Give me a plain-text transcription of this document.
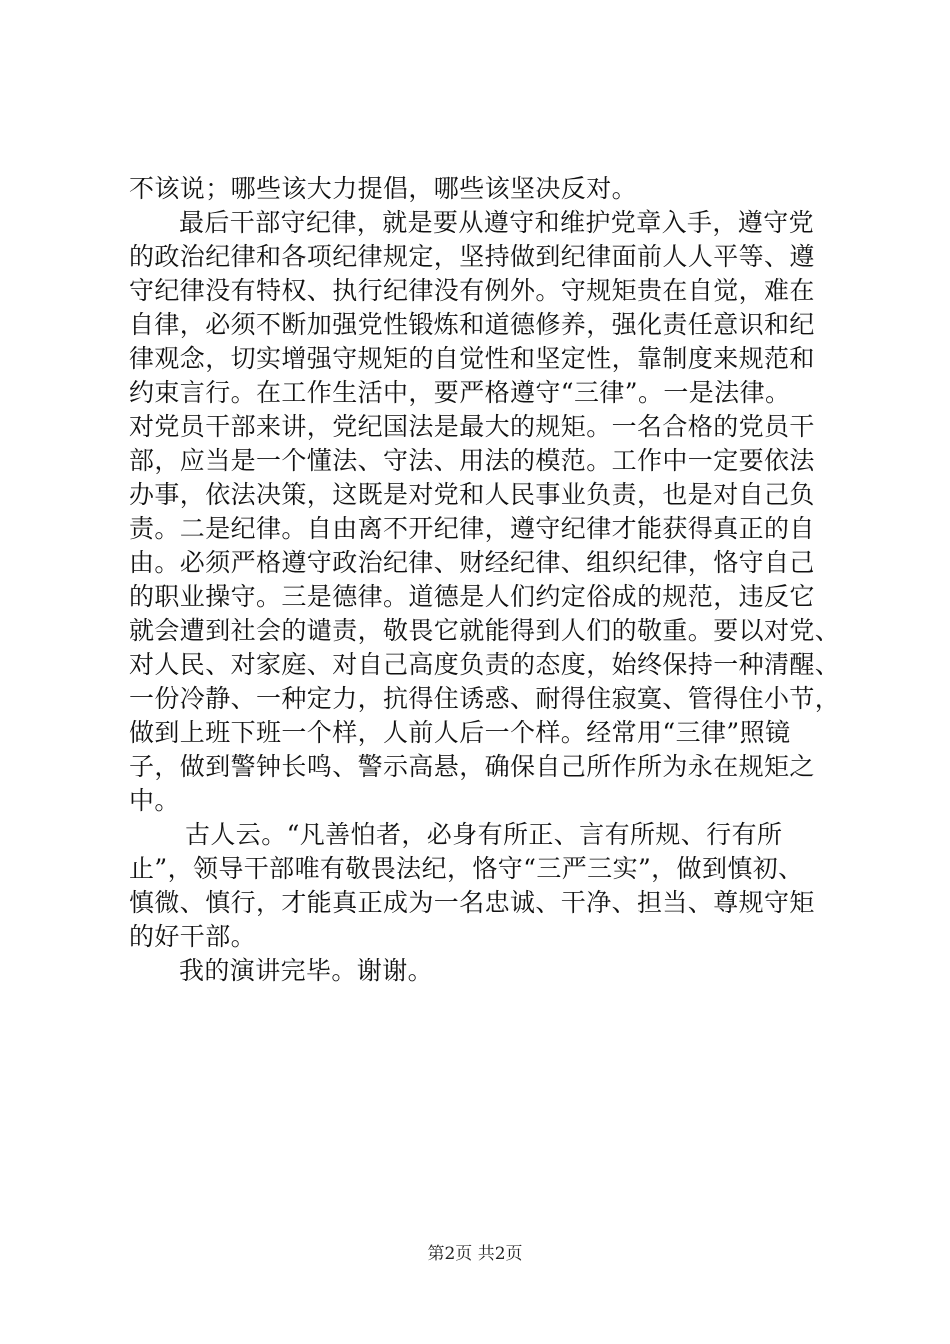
不该说；哪些该大力提倡，哪些该坚决反对。
最后干部守纪律，就是要从遵守和维护党章入手，遵守党
的政治纪律和各项纪律规定，坚持做到纪律面前人人平等、遵
守纪律没有特权、执行纪律没有例外。守规矩贵在自觉，难在
自律，必须不断加强党性锻炼和道德修养，强化责任意识和纪
律观念，切实增强守规矩的自觉性和坚定性，靠制度来规范和
约束言行。在工作生活中，要严格遵守“三律”。一是法律。
对党员干部来讲，党纪国法是最大的规矩。一名合格的党员干
部，应当是一个懂法、守法、用法的模范。工作中一定要依法
办事，依法决策，这既是对党和人民事业负责，也是对自己负
责。二是纪律。自由离不开纪律，遵守纪律才能获得真正的自
由。必须严格遵守政治纪律、财经纪律、组织纪律，恪守自己
的职业操守。三是德律。道德是人们约定俗成的规范，违反它
就会遭到社会的谴责，敬畏它就能得到人们的敬重。要以对党、
对人民、对家庭、对自己高度负责的态度，始终保持一种清醒、
一份冷静、一种定力，抗得住诱惑、耐得住寂寞、管得住小节，
做到上班下班一个样，人前人后一个样。经常用“三律”照镜
子，做到警钟长鸣、警示高悬，确保自己所作所为永在规矩之
中。
古人云。“凡善怕者，必身有所正、言有所规、行有所
止”，领导干部唯有敬畏法纪，恪守“三严三实”，做到慎初、
慎微、慎行，才能真正成为一名忠诚、干净、担当、尊规守矩
的好干部。
我的演讲完毕。谢谢。
第2页 共2页
